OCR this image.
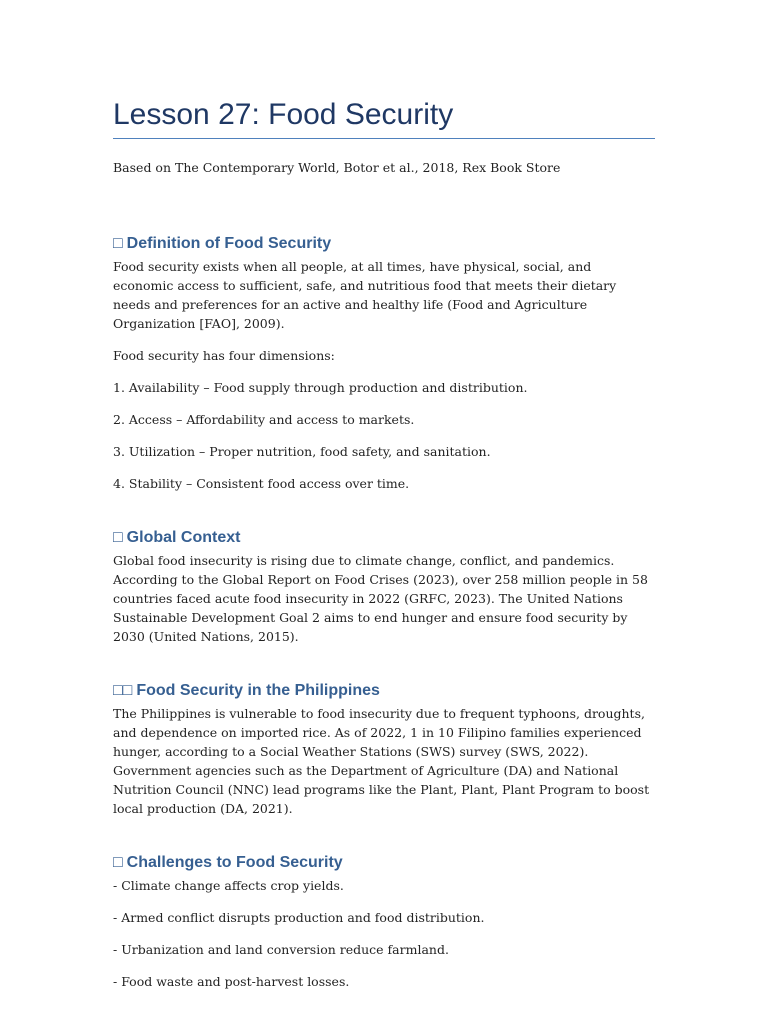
Lesson 27: Food Security

Based on The Contemporary World, Botor et al., 2018, Rex Book Store

□ Definition of Food Security

Food security exists when all people, at all times, have physical, social, and economic access to sufficient, safe, and nutritious food that meets their dietary needs and preferences for an active and healthy life (Food and Agriculture Organization [FAO], 2009).

Food security has four dimensions:

1. Availability – Food supply through production and distribution.

2. Access – Affordability and access to markets.

3. Utilization – Proper nutrition, food safety, and sanitation.

4. Stability – Consistent food access over time.

□ Global Context

Global food insecurity is rising due to climate change, conflict, and pandemics. According to the Global Report on Food Crises (2023), over 258 million people in 58 countries faced acute food insecurity in 2022 (GRFC, 2023). The United Nations Sustainable Development Goal 2 aims to end hunger and ensure food security by 2030 (United Nations, 2015).

□□ Food Security in the Philippines

The Philippines is vulnerable to food insecurity due to frequent typhoons, droughts, and dependence on imported rice. As of 2022, 1 in 10 Filipino families experienced hunger, according to a Social Weather Stations (SWS) survey (SWS, 2022). Government agencies such as the Department of Agriculture (DA) and National Nutrition Council (NNC) lead programs like the Plant, Plant, Plant Program to boost local production (DA, 2021).

□ Challenges to Food Security

- Climate change affects crop yields.

- Armed conflict disrupts production and food distribution.

- Urbanization and land conversion reduce farmland.

- Food waste and post-harvest losses.
